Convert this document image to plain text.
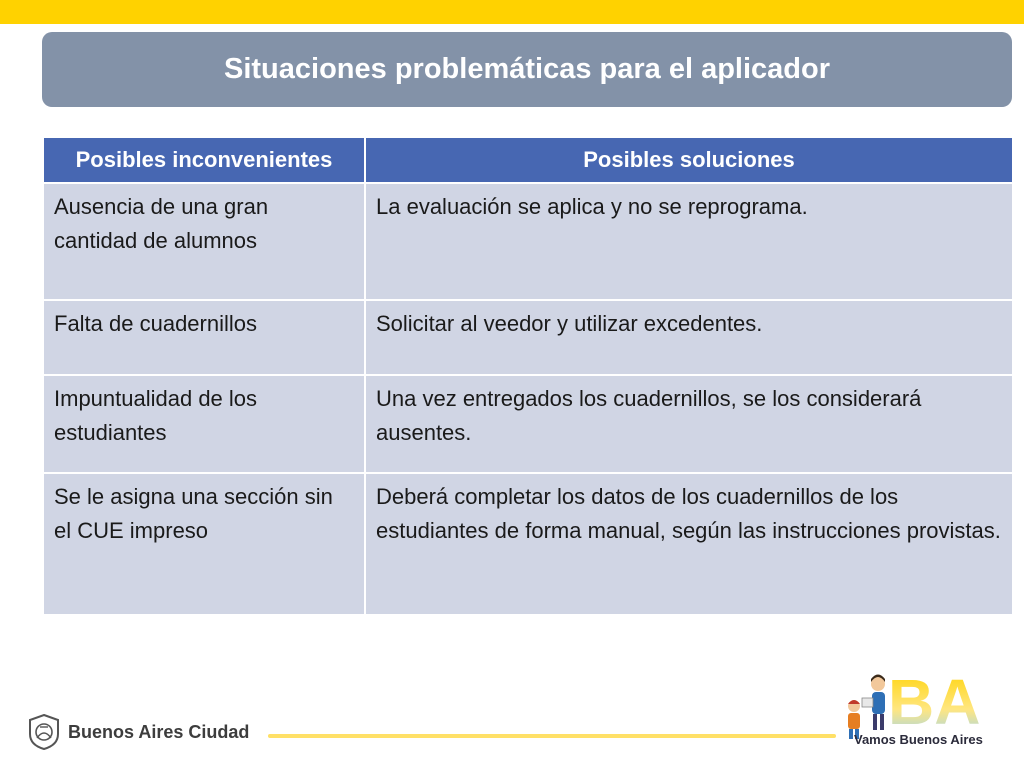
Situaciones problemáticas para el aplicador
Posibles inconvenientes	Posibles soluciones
Ausencia de una gran cantidad de alumnos	La evaluación se aplica y no se reprograma.
Falta de cuadernillos	Solicitar al veedor y utilizar excedentes.
Impuntualidad de los estudiantes	Una vez entregados los cuadernillos, se los considerará ausentes.
Se le asigna una sección sin el CUE impreso	Deberá completar los datos de los cuadernillos de los estudiantes de forma manual, según las instrucciones provistas.
Buenos Aires Ciudad	BA
Vamos Buenos Aires
